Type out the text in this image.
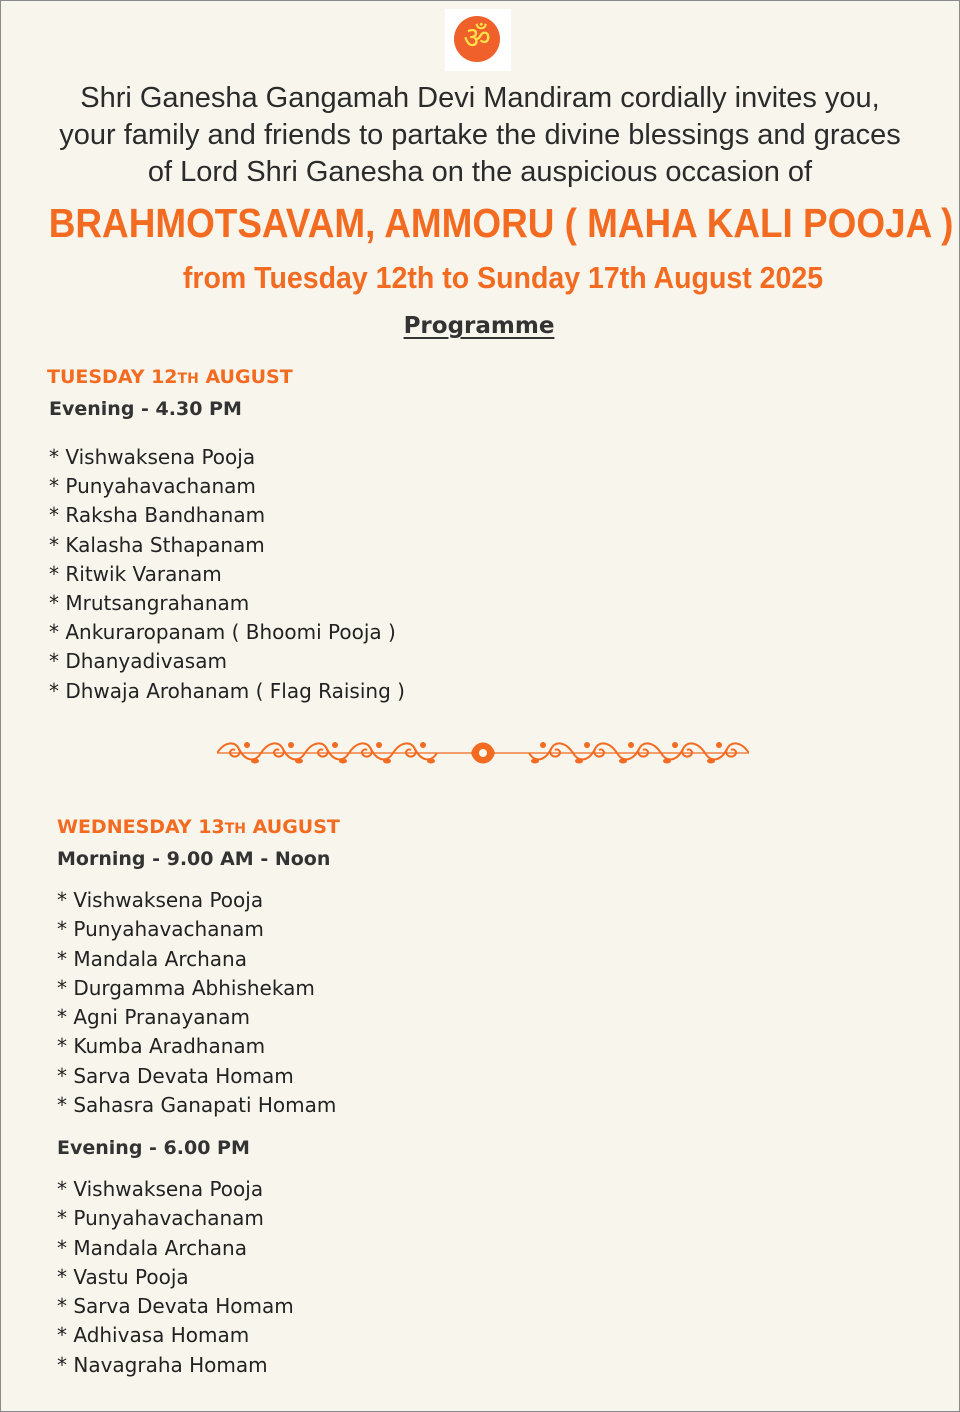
ॐ
Shri Ganesha Gangamah Devi Mandiram cordially invites you,
your family and friends to partake the divine blessings and graces
of Lord Shri Ganesha on the auspicious occasion of
BRAHMOTSAVAM, AMMORU ( MAHA KALI POOJA )
from Tuesday 12th to Sunday 17th August 2025
Programme
TUESDAY 12TH AUGUST
Evening - 4.30 PM
* Vishwaksena Pooja
* Punyahavachanam
* Raksha Bandhanam
* Kalasha Sthapanam
* Ritwik Varanam
* Mrutsangrahanam
* Ankuraropanam ( Bhoomi Pooja )
* Dhanyadivasam
* Dhwaja Arohanam ( Flag Raising )
WEDNESDAY 13TH AUGUST
Morning - 9.00 AM - Noon
* Vishwaksena Pooja
* Punyahavachanam
* Mandala Archana
* Durgamma Abhishekam
* Agni Pranayanam
* Kumba Aradhanam
* Sarva Devata Homam
* Sahasra Ganapati Homam
Evening - 6.00 PM
* Vishwaksena Pooja
* Punyahavachanam
* Mandala Archana
* Vastu Pooja
* Sarva Devata Homam
* Adhivasa Homam
* Navagraha Homam
